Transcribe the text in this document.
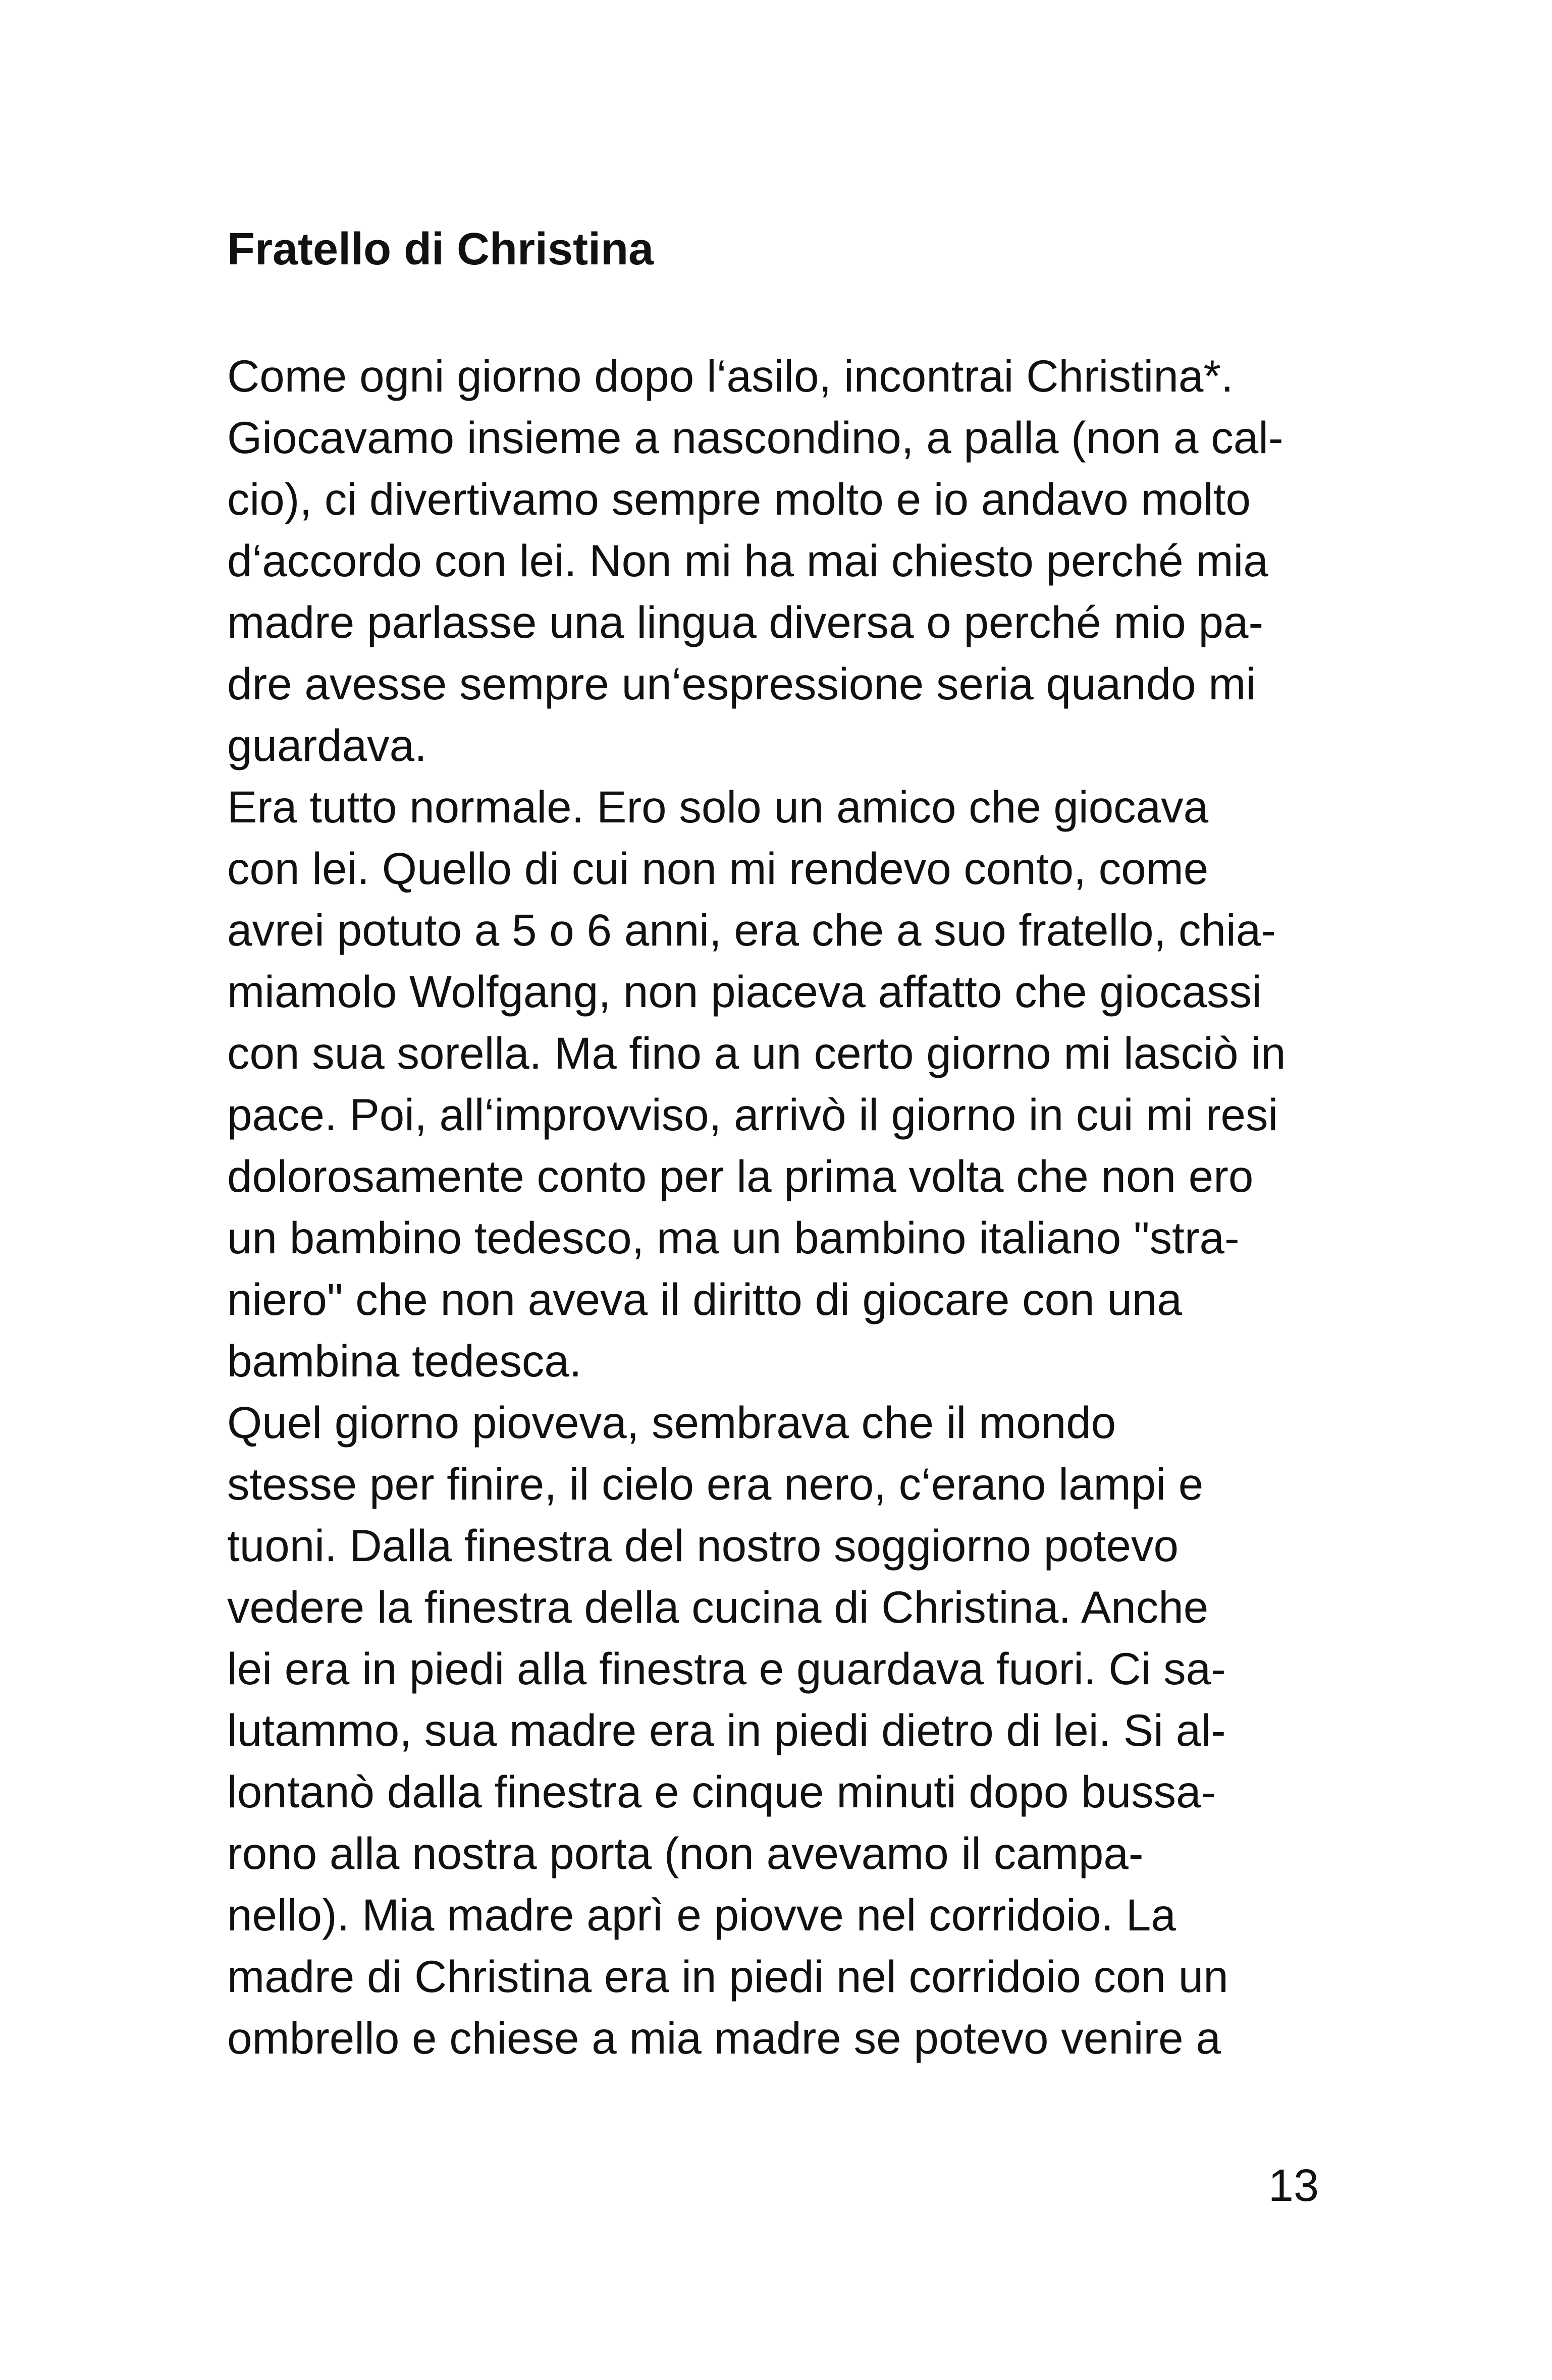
Fratello di Christina
Come ogni giorno dopo l‘asilo, incontrai Christina*.
Giocavamo insieme a nascondino, a palla (non a cal-
cio), ci divertivamo sempre molto e io andavo molto
d‘accordo con lei. Non mi ha mai chiesto perché mia
madre parlasse una lingua diversa o perché mio pa-
dre avesse sempre un‘espressione seria quando mi
guardava.
Era tutto normale. Ero solo un amico che giocava
con lei. Quello di cui non mi rendevo conto, come
avrei potuto a 5 o 6 anni, era che a suo fratello, chia-
miamolo Wolfgang, non piaceva affatto che giocassi
con sua sorella. Ma fino a un certo giorno mi lasciò in
pace. Poi, all‘improvviso, arrivò il giorno in cui mi resi
dolorosamente conto per la prima volta che non ero
un bambino tedesco, ma un bambino italiano "stra-
niero" che non aveva il diritto di giocare con una
bambina tedesca.
Quel giorno pioveva, sembrava che il mondo
stesse per finire, il cielo era nero, c‘erano lampi e
tuoni. Dalla finestra del nostro soggiorno potevo
vedere la finestra della cucina di Christina. Anche
lei era in piedi alla finestra e guardava fuori. Ci sa-
lutammo, sua madre era in piedi dietro di lei. Si al-
lontanò dalla finestra e cinque minuti dopo bussa-
rono alla nostra porta (non avevamo il campa-
nello). Mia madre aprì e piovve nel corridoio. La
madre di Christina era in piedi nel corridoio con un
ombrello e chiese a mia madre se potevo venire a
13
